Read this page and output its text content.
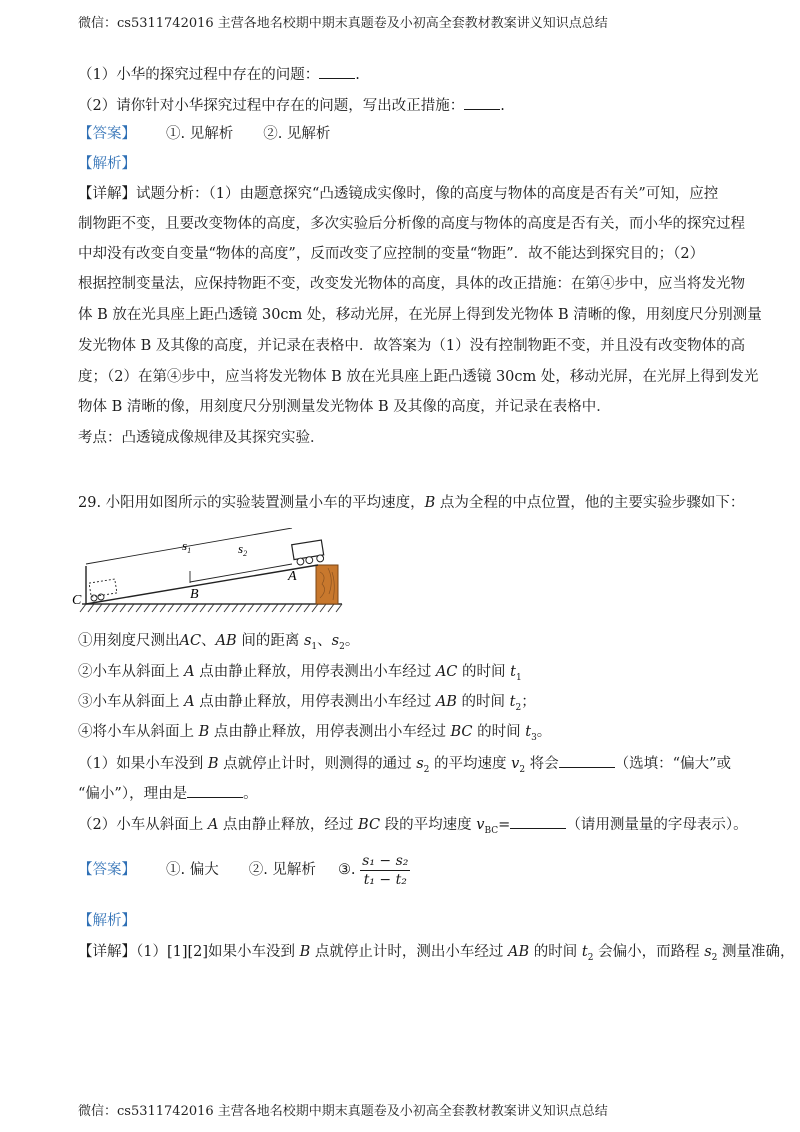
微信：cs5311742016 主营各地名校期中期末真题卷及小初高全套教材教案讲义知识点总结
微信：cs5311742016 主营各地名校期中期末真题卷及小初高全套教材教案讲义知识点总结
（1）小华的探究过程中存在的问题： .
（2）请你针对小华探究过程中存在的问题，写出改正措施： .
【答案】 ①. 见解析 ②. 见解析
【解析】
【详解】试题分析：（1）由题意探究“凸透镜成实像时，像的高度与物体的高度是否有关”可知，应控
制物距不变，且要改变物体的高度，多次实验后分析像的高度与物体的高度是否有关，而小华的探究过程
中却没有改变自变量“物体的高度”，反而改变了应控制的变量“物距”．故不能达到探究目的；（2）
根据控制变量法，应保持物距不变，改变发光物体的高度，具体的改正措施：在第④步中，应当将发光物
体 B 放在光具座上距凸透镜 30cm 处，移动光屏，在光屏上得到发光物体 B 清晰的像，用刻度尺分别测量
发光物体 B 及其像的高度，并记录在表格中．故答案为（1）没有控制物距不变，并且没有改变物体的高
度；（2）在第④步中，应当将发光物体 B 放在光具座上距凸透镜 30cm 处，移动光屏，在光屏上得到发光
物体 B 清晰的像，用刻度尺分别测量发光物体 B 及其像的高度，并记录在表格中．
考点：凸透镜成像规律及其探究实验．
29. 小阳用如图所示的实验装置测量小车的平均速度，B 点为全程的中点位置，他的主要实验步骤如下：
$s_1$	$s_2$
A
B
C
①用刻度尺测出AC、AB 间的距离 $s_1$、$s_2$。
②小车从斜面上 A 点由静止释放，用停表测出小车经过 AC 的时间 $t_1$
③小车从斜面上 A 点由静止释放，用停表测出小车经过 AB 的时间 $t_2$；
④将小车从斜面上 B 点由静止释放，用停表测出小车经过 BC 的时间 $t_3$。
（1）如果小车没到 B 点就停止计时，则测得的通过 $s_2$ 的平均速度 $v_2$ 将会	（选填：“偏大”或
“偏小”），理由是	。
（2）小车从斜面上 A 点由静止释放，经过 BC 段的平均速度 $v_{BC}=$	（请用测量量的字母表示）。
【答案】 ①. 偏大 ②. 见解析 ③. $\frac{\text{s₁ − s₂}}{\text{t₁ − t₂}}$
【解析】
【详解】（1）[1][2]如果小车没到 B 点就停止计时，测出小车经过 AB 的时间 $t_2$ 会偏小，而路程 $s_2$ 测量准确，
